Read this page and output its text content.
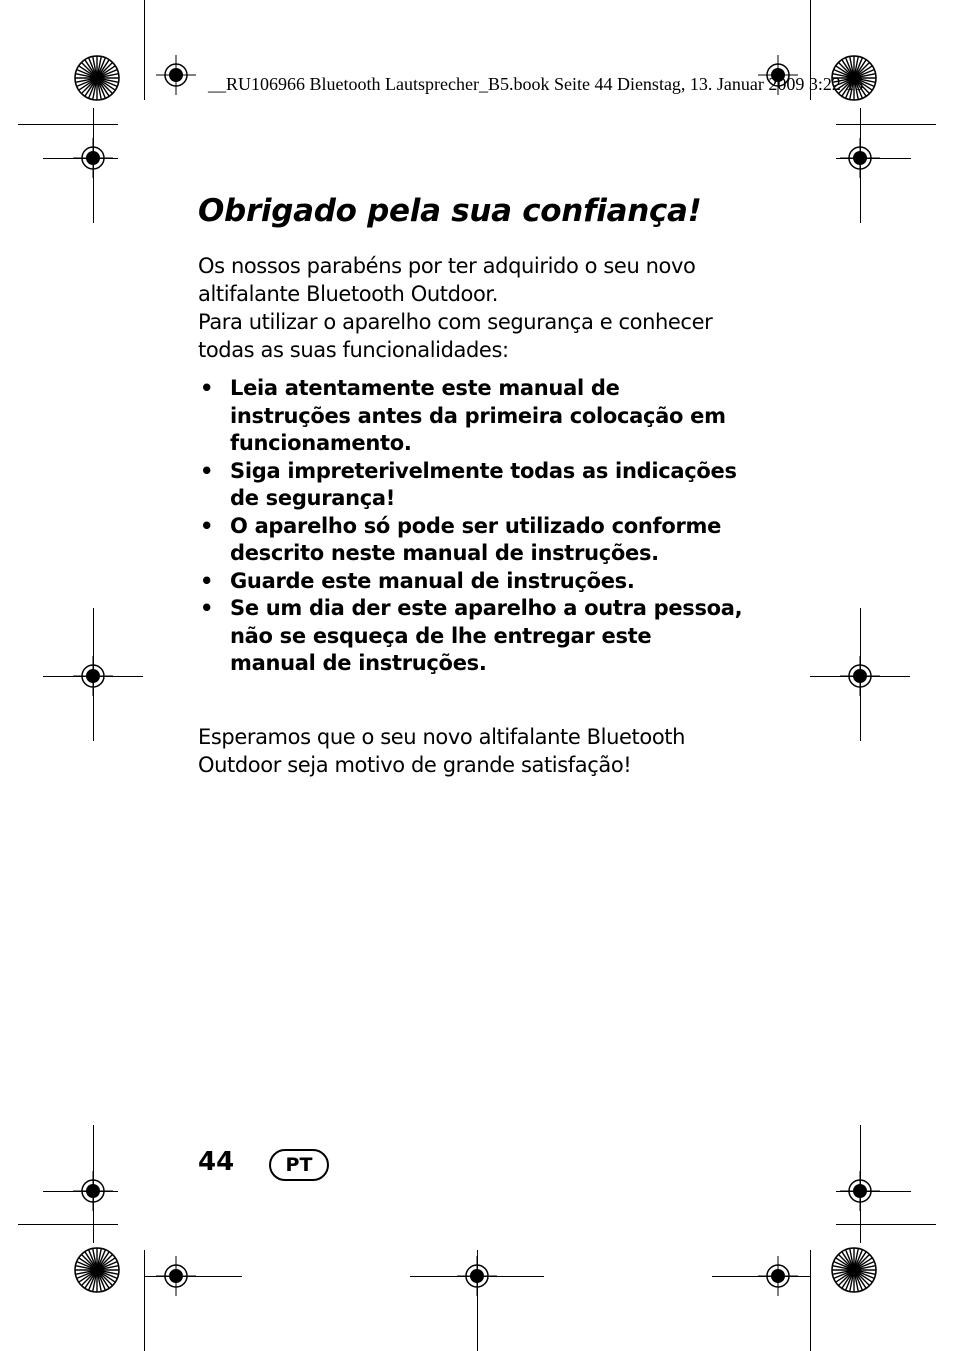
__RU106966 Bluetooth Lautsprecher_B5.book Seite 44 Dienstag, 13. Januar 2009 3:22 15
Obrigado pela sua confiança!

Os nossos parabéns por ter adquirido o seu novo altifalante Bluetooth Outdoor.

Para utilizar o aparelho com segurança e conhecer todas as suas funcionalidades:

• Leia atentamente este manual de instruções antes da primeira colocação em funcionamento.
• Siga impreterivelmente todas as indicações de segurança!
• O aparelho só pode ser utilizado conforme descrito neste manual de instruções.
• Guarde este manual de instruções.
• Se um dia der este aparelho a outra pessoa, não se esqueça de lhe entregar este manual de instruções.

Esperamos que o seu novo altifalante Bluetooth Outdoor seja motivo de grande satisfação!

44	PT
